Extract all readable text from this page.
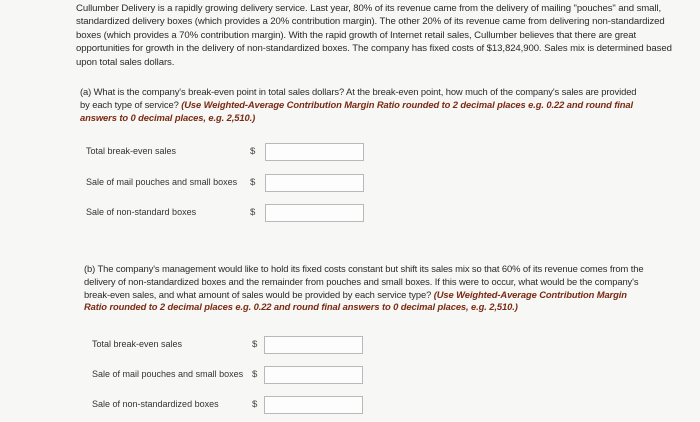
Cullumber Delivery is a rapidly growing delivery service. Last year, 80% of its revenue came from the delivery of mailing "pouches" and small, standardized delivery boxes (which provides a 20% contribution margin). The other 20% of its revenue came from delivering non-standardized boxes (which provides a 70% contribution margin). With the rapid growth of Internet retail sales, Cullumber believes that there are great opportunities for growth in the delivery of non-standardized boxes. The company has fixed costs of $13,824,900. Sales mix is determined based upon total sales dollars.
(a) What is the company's break-even point in total sales dollars? At the break-even point, how much of the company's sales are provided by each type of service? (Use Weighted-Average Contribution Margin Ratio rounded to 2 decimal places e.g. 0.22 and round final answers to 0 decimal places, e.g. 2,510.)
Total break-even sales	$
Sale of mail pouches and small boxes $
Sale of non-standard boxes	$
(b) The company's management would like to hold its fixed costs constant but shift its sales mix so that 60% of its revenue comes from the delivery of non-standardized boxes and the remainder from pouches and small boxes. If this were to occur, what would be the company's break-even sales, and what amount of sales would be provided by each service type? (Use Weighted-Average Contribution Margin Ratio rounded to 2 decimal places e.g. 0.22 and round final answers to 0 decimal places, e.g. 2,510.)
Total break-even sales	$
Sale of mail pouches and small boxes $
Sale of non-standardized boxes	$
